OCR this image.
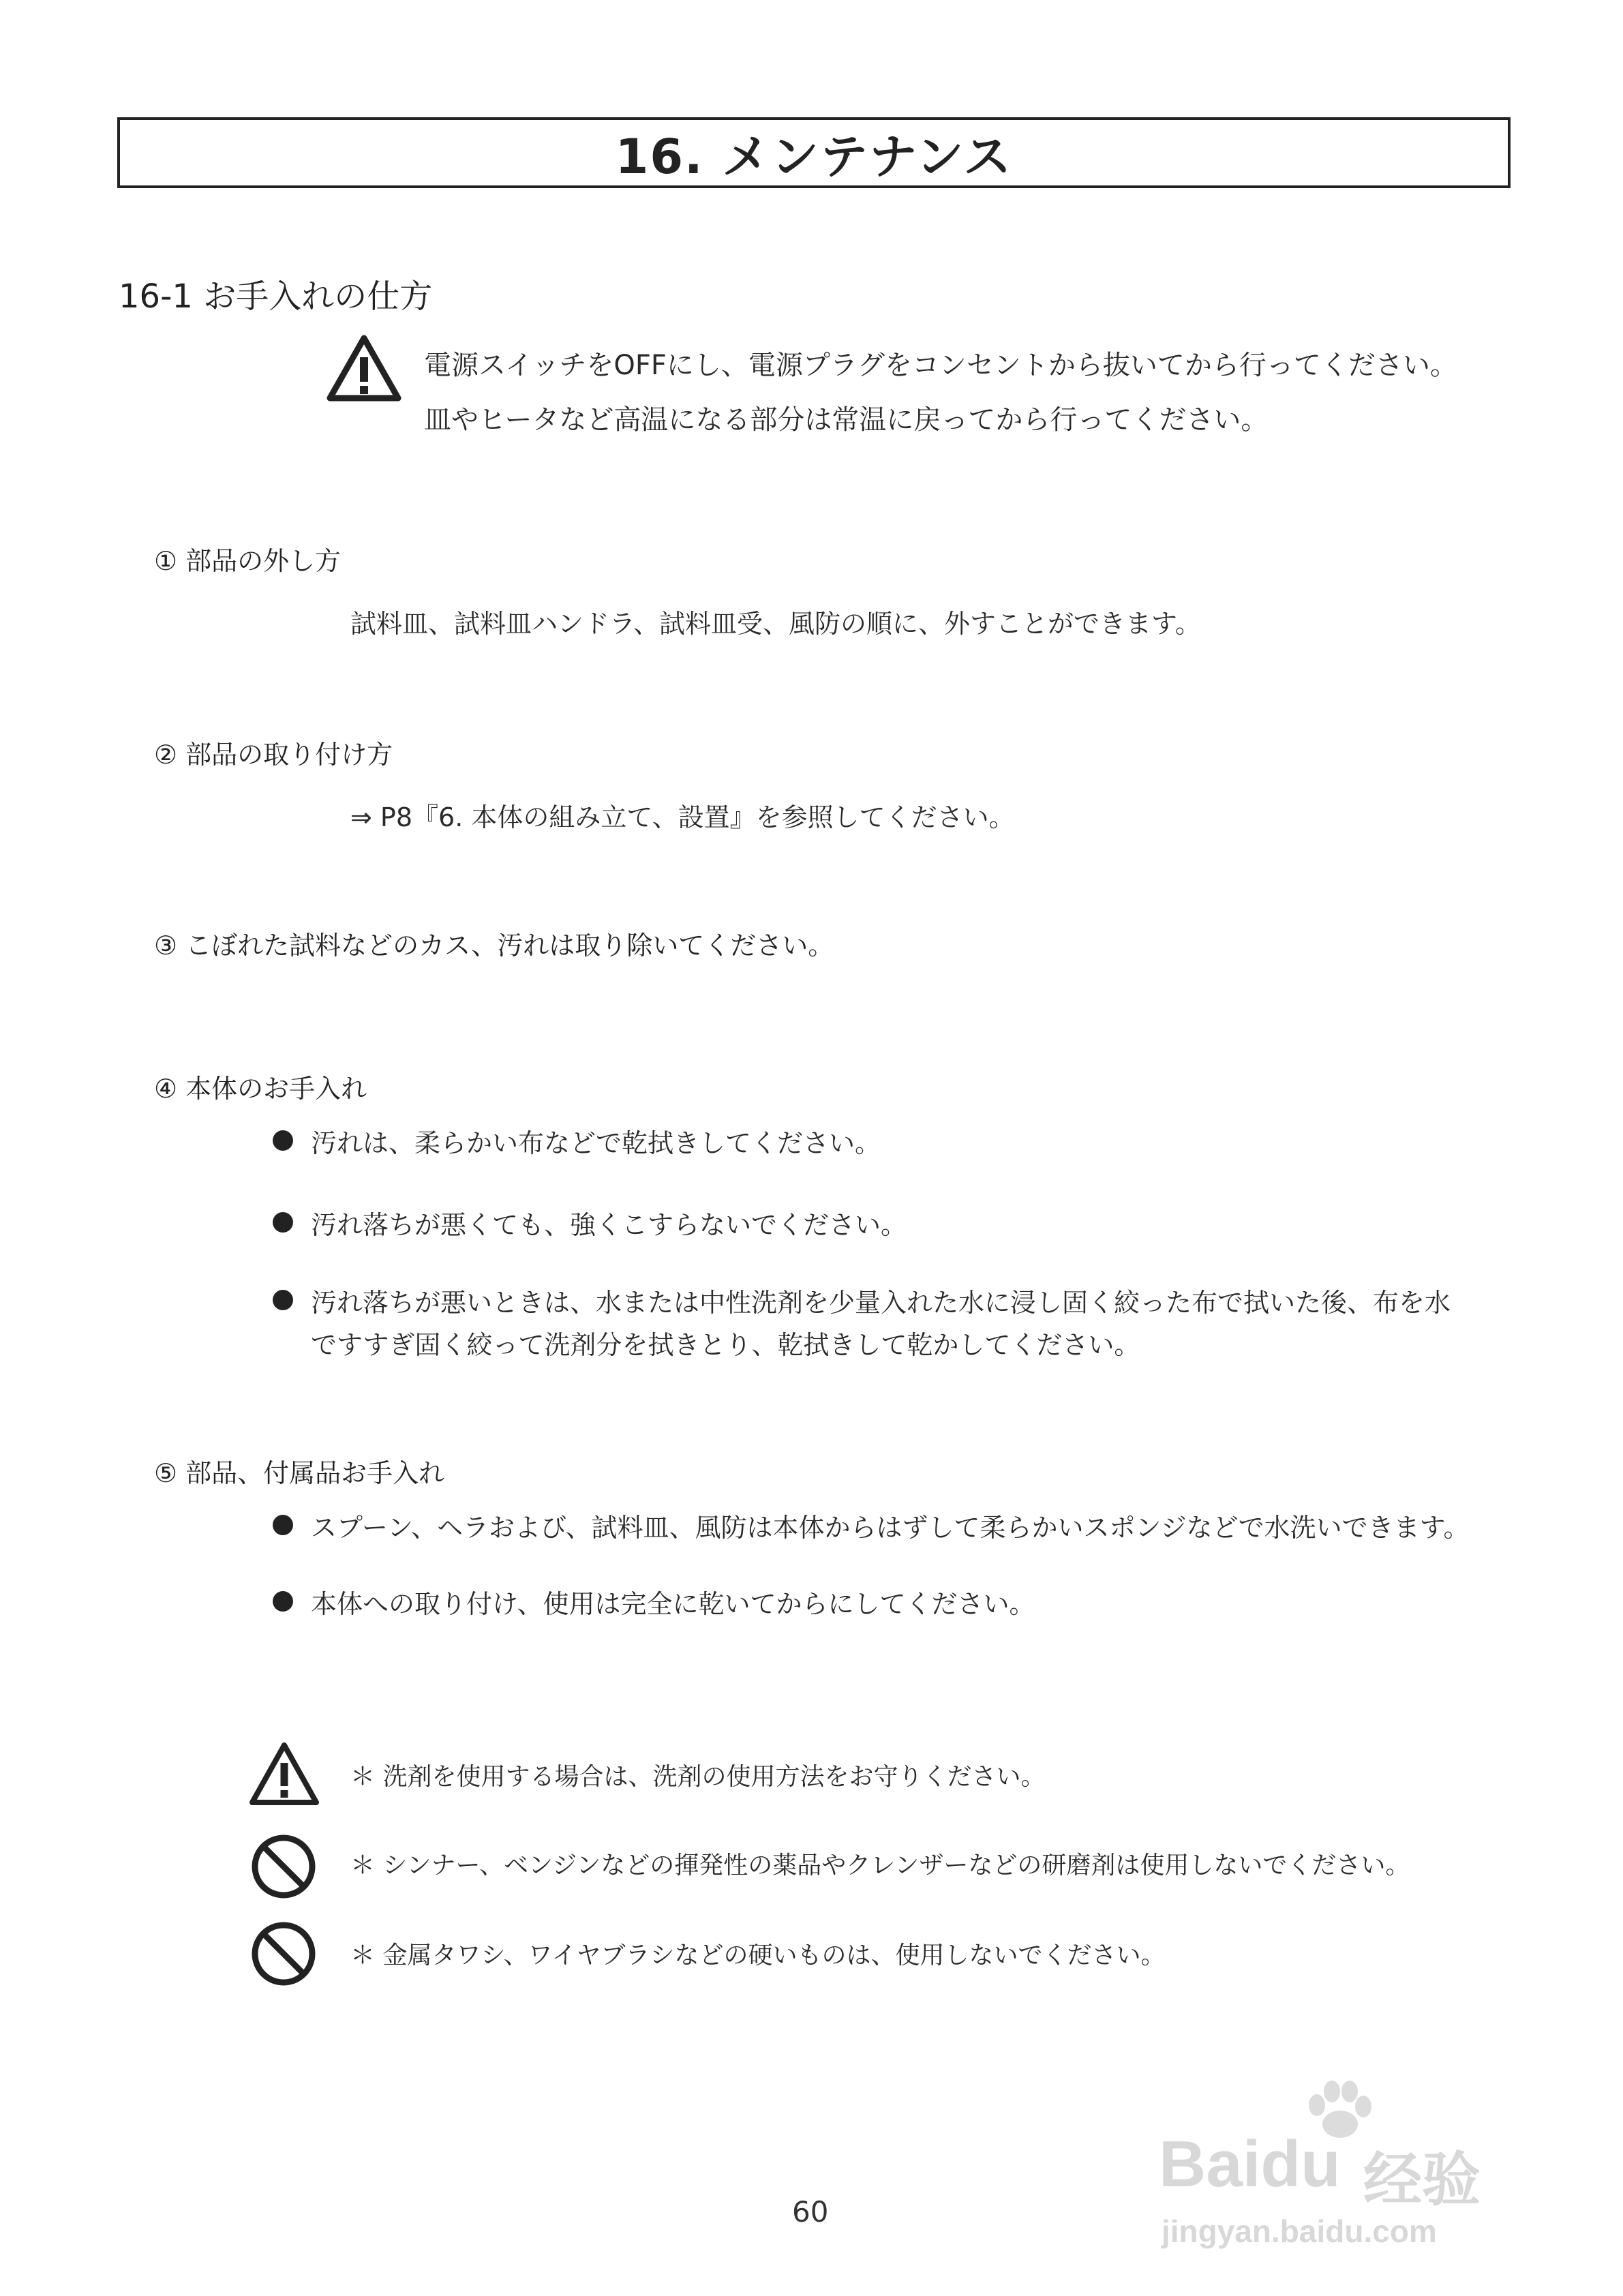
16. メンテナンス
16-1 お手入れの仕方
電源スイッチをOFFにし、電源プラグをコンセントから抜いてから行ってください。
皿やヒータなど高温になる部分は常温に戻ってから行ってください。
① 部品の外し方
試料皿、試料皿ハンドラ、試料皿受、風防の順に、外すことができます。
② 部品の取り付け方
⇒ P8『6. 本体の組み立て、設置』を参照してください。
③ こぼれた試料などのカス、汚れは取り除いてください。
④ 本体のお手入れ
汚れは、柔らかい布などで乾拭きしてください。
汚れ落ちが悪くても、強くこすらないでください。
汚れ落ちが悪いときは、水または中性洗剤を少量入れた水に浸し固く絞った布で拭いた後、布を水
ですすぎ固く絞って洗剤分を拭きとり、乾拭きして乾かしてください。
⑤ 部品、付属品お手入れ
スプーン、ヘラおよび、試料皿、風防は本体からはずして柔らかいスポンジなどで水洗いできます。
本体への取り付け、使用は完全に乾いてからにしてください。
＊ 洗剤を使用する場合は、洗剤の使用方法をお守りください。
＊ シンナー、ベンジンなどの揮発性の薬品やクレンザーなどの研磨剤は使用しないでください。
＊ 金属タワシ、ワイヤブラシなどの硬いものは、使用しないでください。
60
Baidu 经验
jingyan.baidu.com
